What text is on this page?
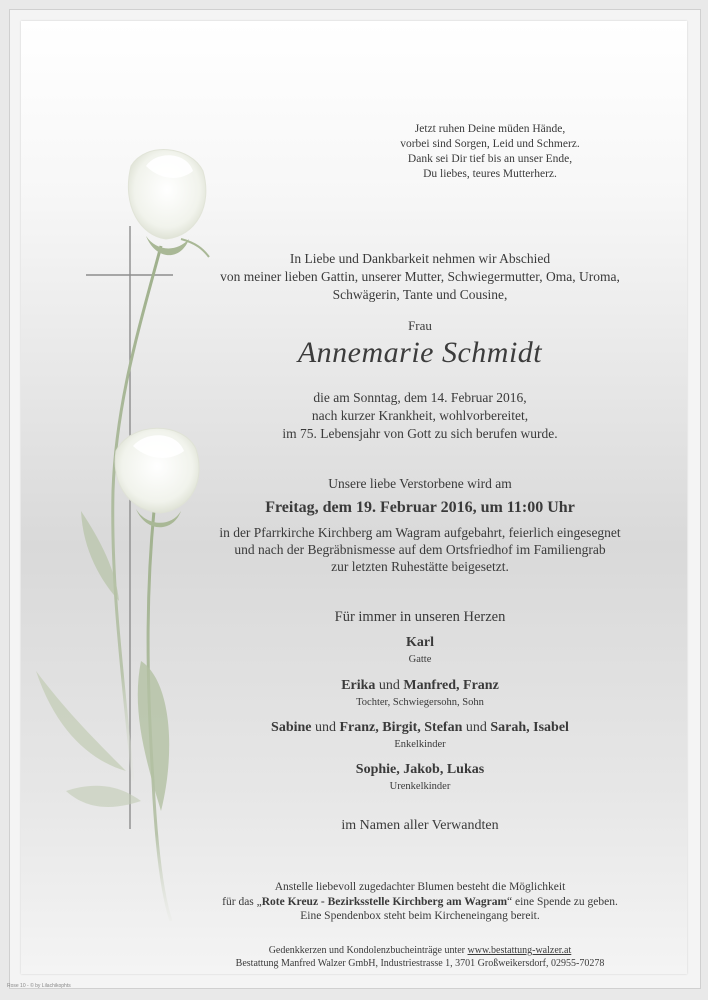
Jetzt ruhen Deine müden Hände,
vorbei sind Sorgen, Leid und Schmerz.
Dank sei Dir tief bis an unser Ende,
Du liebes, teures Mutterherz.
In Liebe und Dankbarkeit nehmen wir Abschied
von meiner lieben Gattin, unserer Mutter, Schwiegermutter, Oma, Uroma,
Schwägerin, Tante und Cousine,
Frau
Annemarie Schmidt
die am Sonntag, dem 14. Februar 2016,
nach kurzer Krankheit, wohlvorbereitet,
im 75. Lebensjahr von Gott zu sich berufen wurde.
Unsere liebe Verstorbene wird am
Freitag, dem 19. Februar 2016, um 11:00 Uhr
in der Pfarrkirche Kirchberg am Wagram aufgebahrt, feierlich eingesegnet
und nach der Begräbnismesse auf dem Ortsfriedhof im Familiengrab
zur letzten Ruhestätte beigesetzt.
Für immer in unseren Herzen
Karl
Gatte
Erika und Manfred, Franz
Tochter, Schwiegersohn, Sohn
Sabine und Franz, Birgit, Stefan und Sarah, Isabel
Enkelkinder
Sophie, Jakob, Lukas
Urenkelkinder
im Namen aller Verwandten
Anstelle liebevoll zugedachter Blumen besteht die Möglichkeit
für das „Rote Kreuz - Bezirksstelle Kirchberg am Wagram“ eine Spende zu geben.
Eine Spendenbox steht beim Kircheneingang bereit.
Gedenkkerzen und Kondolenzbucheinträge unter www.bestattung-walzer.at
Bestattung Manfred Walzer GmbH, Industriestrasse 1, 3701 Großweikersdorf, 02955-70278
Rose 10 - © by Lilachikophts
